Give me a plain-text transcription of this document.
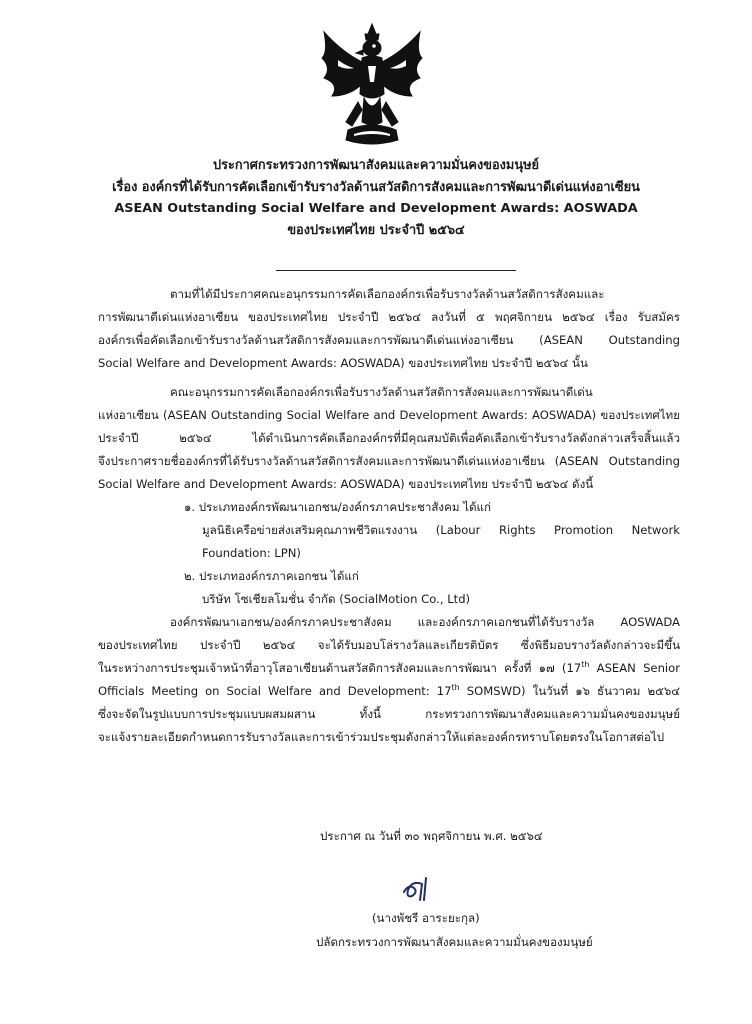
ประกาศกระทรวงการพัฒนาสังคมและความมั่นคงของมนุษย์
เรื่อง องค์กรที่ได้รับการคัดเลือกเข้ารับรางวัลด้านสวัสดิการสังคมและการพัฒนาดีเด่นแห่งอาเซียน
ASEAN Outstanding Social Welfare and Development Awards: AOSWADA
ของประเทศไทย ประจำปี ๒๕๖๔
ตามที่ได้มีประกาศคณะอนุกรรมการคัดเลือกองค์กรเพื่อรับรางวัลด้านสวัสดิการสังคมและ
การพัฒนาดีเด่นแห่งอาเซียน ของประเทศไทย ประจำปี ๒๕๖๔ ลงวันที่ ๕ พฤศจิกายน ๒๕๖๔ เรื่อง รับสมัคร
องค์กรเพื่อคัดเลือกเข้ารับรางวัลด้านสวัสดิการสังคมและการพัฒนาดีเด่นแห่งอาเซียน (ASEAN Outstanding
Social Welfare and Development Awards: AOSWADA) ของประเทศไทย ประจำปี ๒๕๖๔ นั้น
คณะอนุกรรมการคัดเลือกองค์กรเพื่อรับรางวัลด้านสวัสดิการสังคมและการพัฒนาดีเด่น
แห่งอาเซียน (ASEAN Outstanding Social Welfare and Development Awards: AOSWADA) ของประเทศไทย
ประจำปี ๒๕๖๔ ได้ดำเนินการคัดเลือกองค์กรที่มีคุณสมบัติเพื่อคัดเลือกเข้ารับรางวัลดังกล่าวเสร็จสิ้นแล้ว
จึงประกาศรายชื่อองค์กรที่ได้รับรางวัลด้านสวัสดิการสังคมและการพัฒนาดีเด่นแห่งอาเซียน (ASEAN Outstanding
Social Welfare and Development Awards: AOSWADA) ของประเทศไทย ประจำปี ๒๕๖๔ ดังนี้
๑. ประเภทองค์กรพัฒนาเอกชน/องค์กรภาคประชาสังคม ได้แก่
มูลนิธิเครือข่ายส่งเสริมคุณภาพชีวิตแรงงาน (Labour Rights Promotion Network
Foundation: LPN)
๒. ประเภทองค์กรภาคเอกชน ได้แก่
บริษัท โซเชียลโมชั่น จำกัด (SocialMotion Co., Ltd)
องค์กรพัฒนาเอกชน/องค์กรภาคประชาสังคม และองค์กรภาคเอกชนที่ได้รับรางวัล AOSWADA
ของประเทศไทย ประจำปี ๒๕๖๔ จะได้รับมอบโล่รางวัลและเกียรติบัตร ซึ่งพิธีมอบรางวัลดังกล่าวจะมีขึ้น
ในระหว่างการประชุมเจ้าหน้าที่อาวุโสอาเซียนด้านสวัสดิการสังคมและการพัฒนา ครั้งที่ ๑๗ (17th ASEAN Senior
Officials Meeting on Social Welfare and Development: 17th SOMSWD) ในวันที่ ๑๖ ธันวาคม ๒๕๖๔
ซึ่งจะจัดในรูปแบบการประชุมแบบผสมผสาน ทั้งนี้ กระทรวงการพัฒนาสังคมและความมั่นคงของมนุษย์
จะแจ้งรายละเอียดกำหนดการรับรางวัลและการเข้าร่วมประชุมดังกล่าวให้แต่ละองค์กรทราบโดยตรงในโอกาสต่อไป
ประกาศ ณ วันที่ ๓๐ พฤศจิกายน พ.ศ. ๒๕๖๔
(นางพัชรี อาระยะกุล)
ปลัดกระทรวงการพัฒนาสังคมและความมั่นคงของมนุษย์
